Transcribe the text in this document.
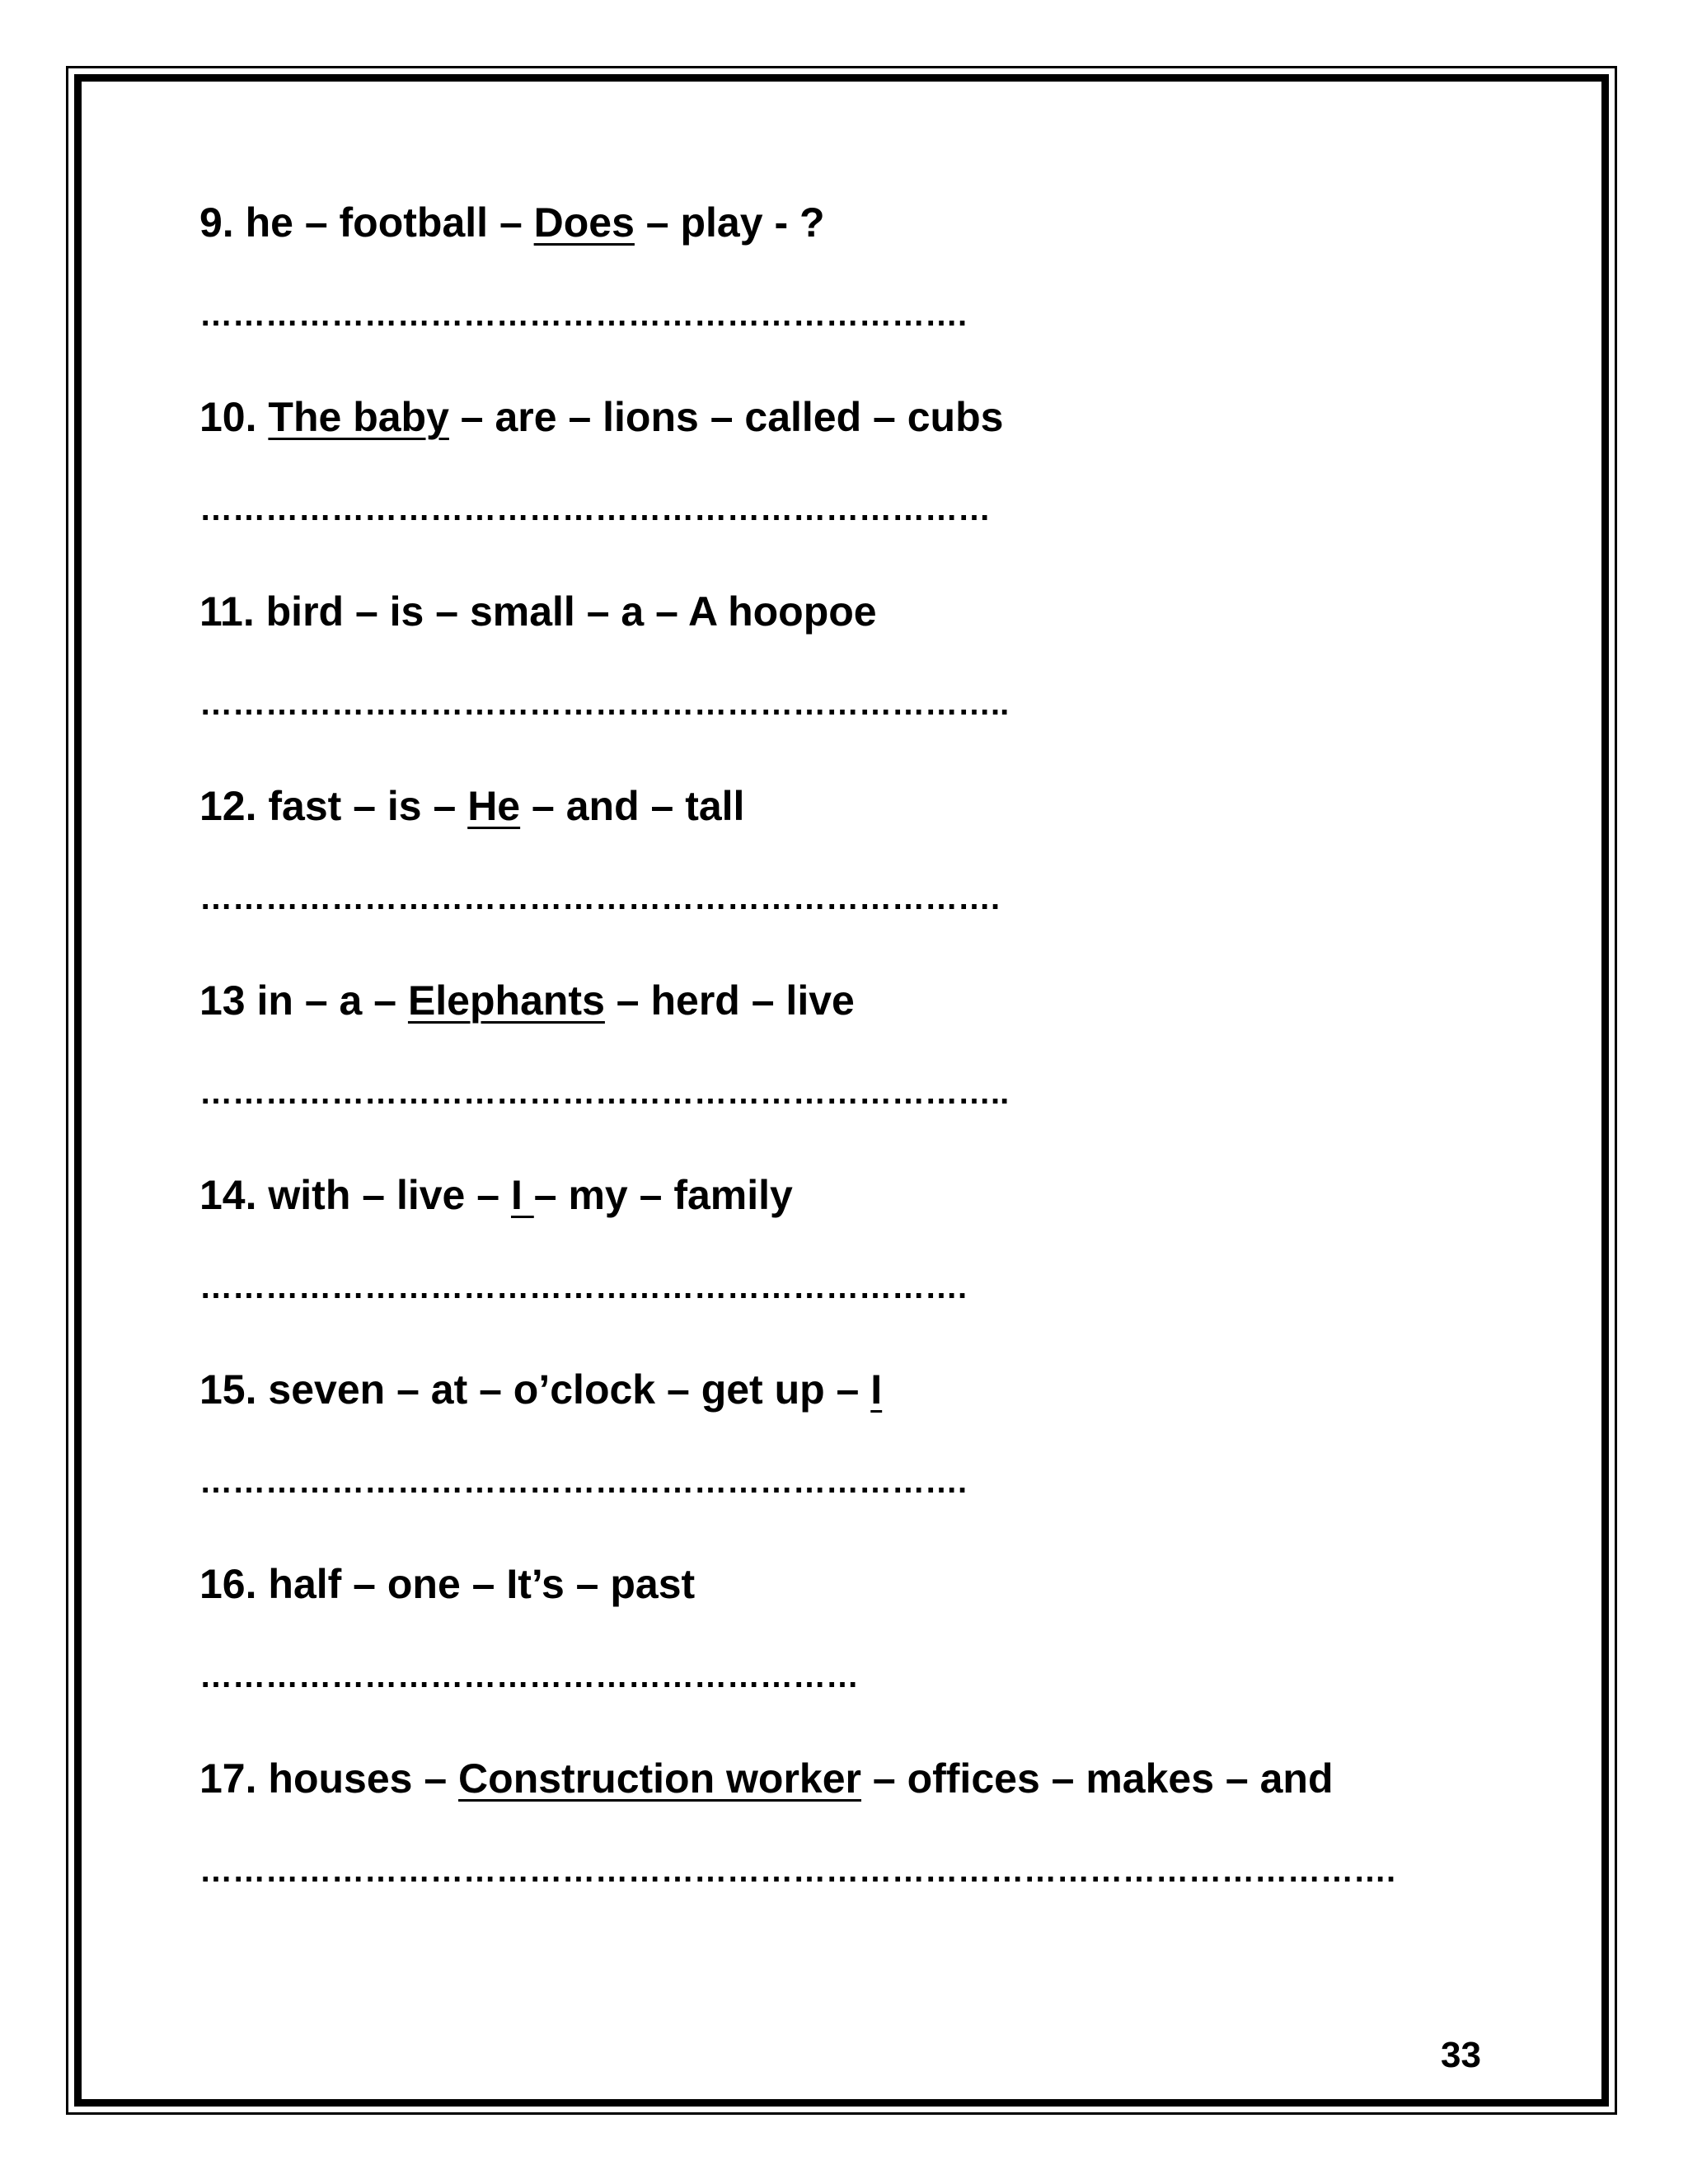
9. he – football – Does – play - ?
…………………………………………………………….
10. The baby – are – lions – called – cubs
………………………………………………………………
11. bird – is – small – a – A hoopoe
………………………………………………………………..
12. fast – is – He – and – tall
……………………………………………………………….
13 in – a – Elephants – herd – live
………………………………………………………………..
14. with – live – I – my – family
…………………………………………………………….
15. seven – at – o’clock – get up – I
…………………………………………………………….
16. half – one – It’s – past
……………………………………………………
17. houses – Construction worker – offices – makes – and
……………………………………………………………………………………………….
33
